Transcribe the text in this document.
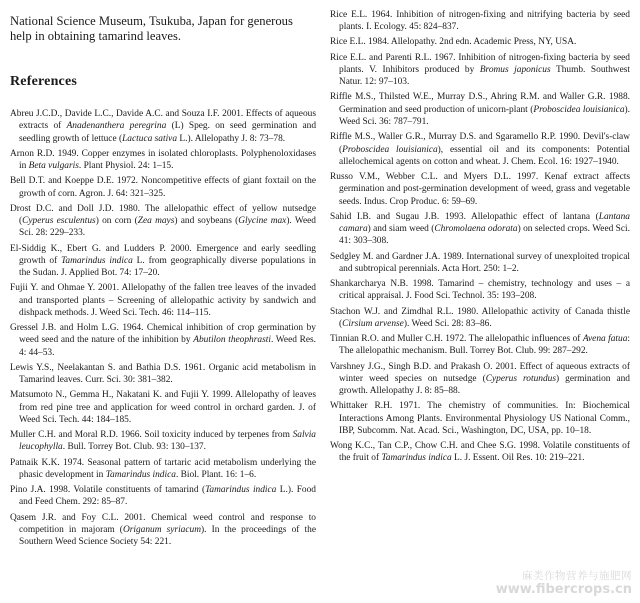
National Science Museum, Tsukuba, Japan for generous help in obtaining tamarind leaves.

References
Abreu J.C.D., Davide L.C., Davide A.C. and Souza I.F. 2001. Effects of aqueous extracts of Anadenanthera peregrina (L) Speg. on seed germination and seedling growth of lettuce (Lactuca sativa L.). Allelopathy J. 8: 73–78.
Arnon R.D. 1949. Copper enzymes in isolated chloroplasts. Polyphenoloxidases in Beta vulgaris. Plant Physiol. 24: 1–15.
Bell D.T. and Koeppe D.E. 1972. Noncompetitive effects of giant foxtail on the growth of corn. Agron. J. 64: 321–325.
Drost D.C. and Doll J.D. 1980. The allelopathic effect of yellow nutsedge (Cyperus esculentus) on corn (Zea mays) and soybeans (Glycine max). Weed Sci. 28: 229–233.
El-Siddig K., Ebert G. and Ludders P. 2000. Emergence and early seedling growth of Tamarindus indica L. from geographically diverse populations in the Sudan. J. Applied Bot. 74: 17–20.
Fujii Y. and Ohmae Y. 2001. Allelopathy of the fallen tree leaves of the invaded and transported plants – Screening of allelopathic activity by sandwich and dishpack methods. J. Weed Sci. Tech. 46: 114–115.
Gressel J.B. and Holm L.G. 1964. Chemical inhibition of crop germination by weed seed and the nature of the inhibition by Abutilon theophrasti. Weed Res. 4: 44–53.
Lewis Y.S., Neelakantan S. and Bathia D.S. 1961. Organic acid metabolism in Tamarind leaves. Curr. Sci. 30: 381–382.
Matsumoto N., Gemma H., Nakatani K. and Fujii Y. 1999. Allelopathy of leaves from red pine tree and application for weed control in orchard garden. J. of Weed Sci. Tech. 44: 184–185.
Muller C.H. and Moral R.D. 1966. Soil toxicity induced by terpenes from Salvia leucophylla. Bull. Torrey Bot. Club. 93: 130–137.
Patnaik K.K. 1974. Seasonal pattern of tartaric acid metabolism underlying the phasic development in Tamarindus indica. Biol. Plant. 16: 1–6.
Pino J.A. 1998. Volatile constituents of tamarind (Tamarindus indica L.). Food and Feed Chem. 292: 85–87.
Qasem J.R. and Foy C.L. 2001. Chemical weed control and response to competition in majoram (Origanum syriacum). In the proceedings of the Southern Weed Science Society 54: 221.
Rice E.L. 1964. Inhibition of nitrogen-fixing and nitrifying bacteria by seed plants. I. Ecology. 45: 824–837.
Rice E.L. 1984. Allelopathy. 2nd edn. Academic Press, NY, USA.
Rice E.L. and Parenti R.L. 1967. Inhibition of nitrogen-fixing bacteria by seed plants. V. Inhibitors produced by Bromus japonicus Thumb. Southwest Natur. 12: 97–103.
Riffle M.S., Thilsted W.E., Murray D.S., Ahring R.M. and Waller G.R. 1988. Germination and seed production of unicorn-plant (Proboscidea louisianica). Weed Sci. 36: 787–791.
Riffle M.S., Waller G.R., Murray D.S. and Sgaramello R.P. 1990. Devil's-claw (Proboscidea louisianica), essential oil and its components: Potential allelochemical agents on cotton and wheat. J. Chem. Ecol. 16: 1927–1940.
Russo V.M., Webber C.L. and Myers D.L. 1997. Kenaf extract affects germination and post-germination development of weed, grass and vegetable seeds. Indus. Crop Produc. 6: 59–69.
Sahid I.B. and Sugau J.B. 1993. Allelopathic effect of lantana (Lantana camara) and siam weed (Chromolaena odorata) on selected crops. Weed Sci. 41: 303–308.
Sedgley M. and Gardner J.A. 1989. International survey of unexploited tropical and subtropical perennials. Acta Hort. 250: 1–2.
Shankarcharya N.B. 1998. Tamarind – chemistry, technology and uses – a critical appraisal. J. Food Sci. Technol. 35: 193–208.
Stachon W.J. and Zimdhal R.L. 1980. Allelopathic activity of Canada thistle (Cirsium arvense). Weed Sci. 28: 83–86.
Tinnian R.O. and Muller C.H. 1972. The allelopathic influences of Avena fatua: The allelopathic mechanism. Bull. Torrey Bot. Club. 99: 287–292.
Varshney J.G., Singh B.D. and Prakash O. 2001. Effect of aqueous extracts of winter weed species on nutsedge (Cyperus rotundus) germination and growth. Allelopathy J. 8: 85–88.
Whittaker R.H. 1971. The chemistry of communities. In: Biochemical Interactions Among Plants. Environmental Physiology US National Comm., IBP, Subcomm. Nat. Acad. Sci., Washington, DC, USA, pp. 10–18.
Wong K.C., Tan C.P., Chow C.H. and Chee S.G. 1998. Volatile constituents of the fruit of Tamarindus indica L. J. Essent. Oil Res. 10: 219–221.
麻类作物营养与施肥网
www.fibercrops.cn
